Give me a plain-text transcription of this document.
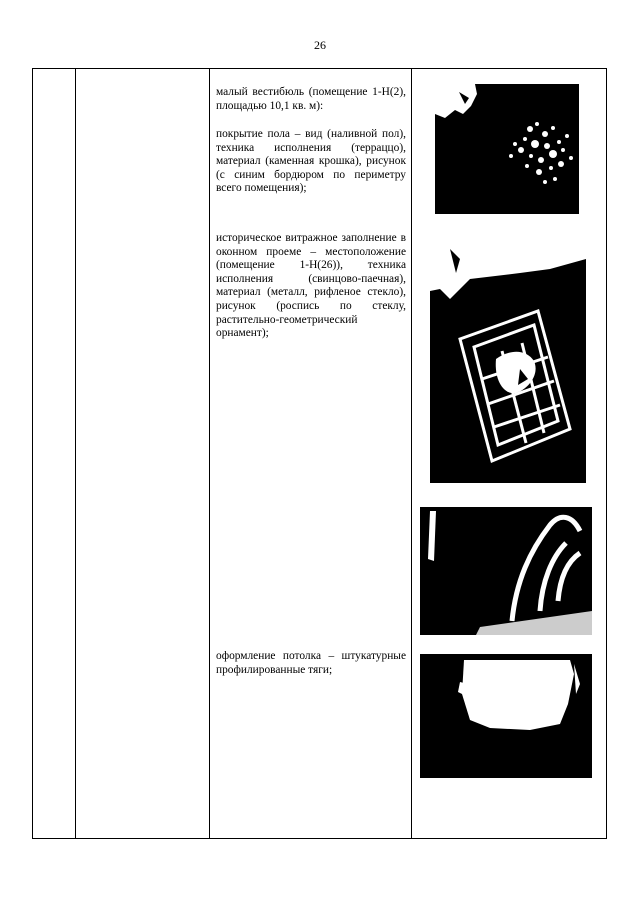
26
малый вестибюль (помещение 1-Н(2), площадью 10,1 кв. м):
покрытие пола – вид (наливной пол), техника исполнения (терраццо), материал (каменная крошка), рисунок (с синим бордюром по периметру всего помещения);
историческое витражное заполнение в оконном проеме – местоположение (помещение 1-Н(26)), техника исполнения (свинцово-паечная), материал (металл, рифленое стекло), рисунок (роспись по стеклу, растительно-геометрический орнамент);
оформление потолка – штукатурные профилированные тяги;
